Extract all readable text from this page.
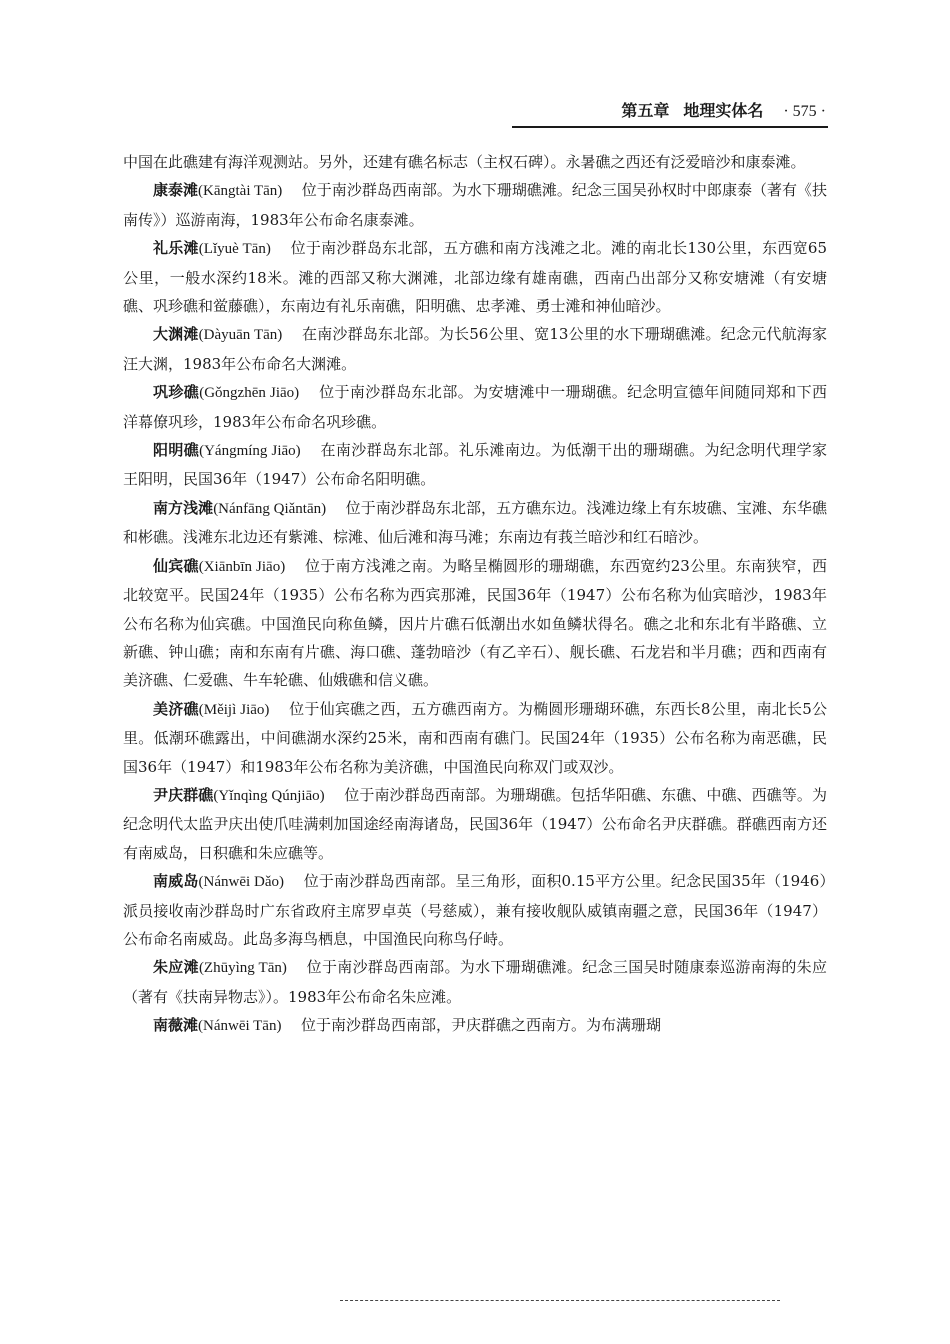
第五章 地理实体名 · 575 ·

中国在此礁建有海洋观测站。另外，还建有礁名标志（主权石碑）。永暑礁之西还有泛爱暗沙和康泰滩。

康泰滩(Kāngtài Tān) 位于南沙群岛西南部。为水下珊瑚礁滩。纪念三国吴孙权时中郎康泰（著有《扶南传》）巡游南海，1983年公布命名康泰滩。

礼乐滩(Lǐyuè Tān) 位于南沙群岛东北部，五方礁和南方浅滩之北。滩的南北长130公里，东西宽65公里，一般水深约18米。滩的西部又称大渊滩，北部边缘有雄南礁，西南凸出部分又称安塘滩（有安塘礁、巩珍礁和鲎藤礁），东南边有礼乐南礁，阳明礁、忠孝滩、勇士滩和神仙暗沙。

大渊滩(Dàyuān Tān) 在南沙群岛东北部。为长56公里、宽13公里的水下珊瑚礁滩。纪念元代航海家汪大渊，1983年公布命名大渊滩。

巩珍礁(Gǒngzhēn Jiāo) 位于南沙群岛东北部。为安塘滩中一珊瑚礁。纪念明宣德年间随同郑和下西洋幕僚巩珍，1983年公布命名巩珍礁。

阳明礁(Yángmíng Jiāo) 在南沙群岛东北部。礼乐滩南边。为低潮干出的珊瑚礁。为纪念明代理学家王阳明，民国36年（1947）公布命名阳明礁。

南方浅滩(Nánfāng Qiǎntān) 位于南沙群岛东北部，五方礁东边。浅滩边缘上有东坡礁、宝滩、东华礁和彬礁。浅滩东北边还有紫滩、棕滩、仙后滩和海马滩；东南边有莪兰暗沙和红石暗沙。

仙宾礁(Xiānbīn Jiāo) 位于南方浅滩之南。为略呈椭圆形的珊瑚礁，东西宽约23公里。东南狭窄，西北较宽平。民国24年（1935）公布名称为西宾那滩，民国36年（1947）公布名称为仙宾暗沙，1983年公布名称为仙宾礁。中国渔民向称鱼鳞，因片片礁石低潮出水如鱼鳞状得名。礁之北和东北有半路礁、立新礁、钟山礁；南和东南有片礁、海口礁、蓬勃暗沙（有乙辛石）、舰长礁、石龙岩和半月礁；西和西南有美济礁、仁爱礁、牛车轮礁、仙娥礁和信义礁。

美济礁(Měijì Jiāo) 位于仙宾礁之西，五方礁西南方。为椭圆形珊瑚环礁，东西长8公里，南北长5公里。低潮环礁露出，中间礁湖水深约25米，南和西南有礁门。民国24年（1935）公布名称为南恶礁，民国36年（1947）和1983年公布名称为美济礁，中国渔民向称双门或双沙。

尹庆群礁(Yǐnqìng Qúnjiāo) 位于南沙群岛西南部。为珊瑚礁。包括华阳礁、东礁、中礁、西礁等。为纪念明代太监尹庆出使爪哇满剌加国途经南海诸岛，民国36年（1947）公布命名尹庆群礁。群礁西南方还有南威岛，日积礁和朱应礁等。

南威岛(Nánwēi Dǎo) 位于南沙群岛西南部。呈三角形，面积0.15平方公里。纪念民国35年（1946）派员接收南沙群岛时广东省政府主席罗卓英（号慈威），兼有接收舰队威镇南疆之意，民国36年（1947）公布命名南威岛。此岛多海鸟栖息，中国渔民向称鸟仔峙。

朱应滩(Zhūyìng Tān) 位于南沙群岛西南部。为水下珊瑚礁滩。纪念三国吴时随康泰巡游南海的朱应（著有《扶南异物志》）。1983年公布命名朱应滩。

南薇滩(Nánwēi Tān) 位于南沙群岛西南部，尹庆群礁之西南方。为布满珊瑚
